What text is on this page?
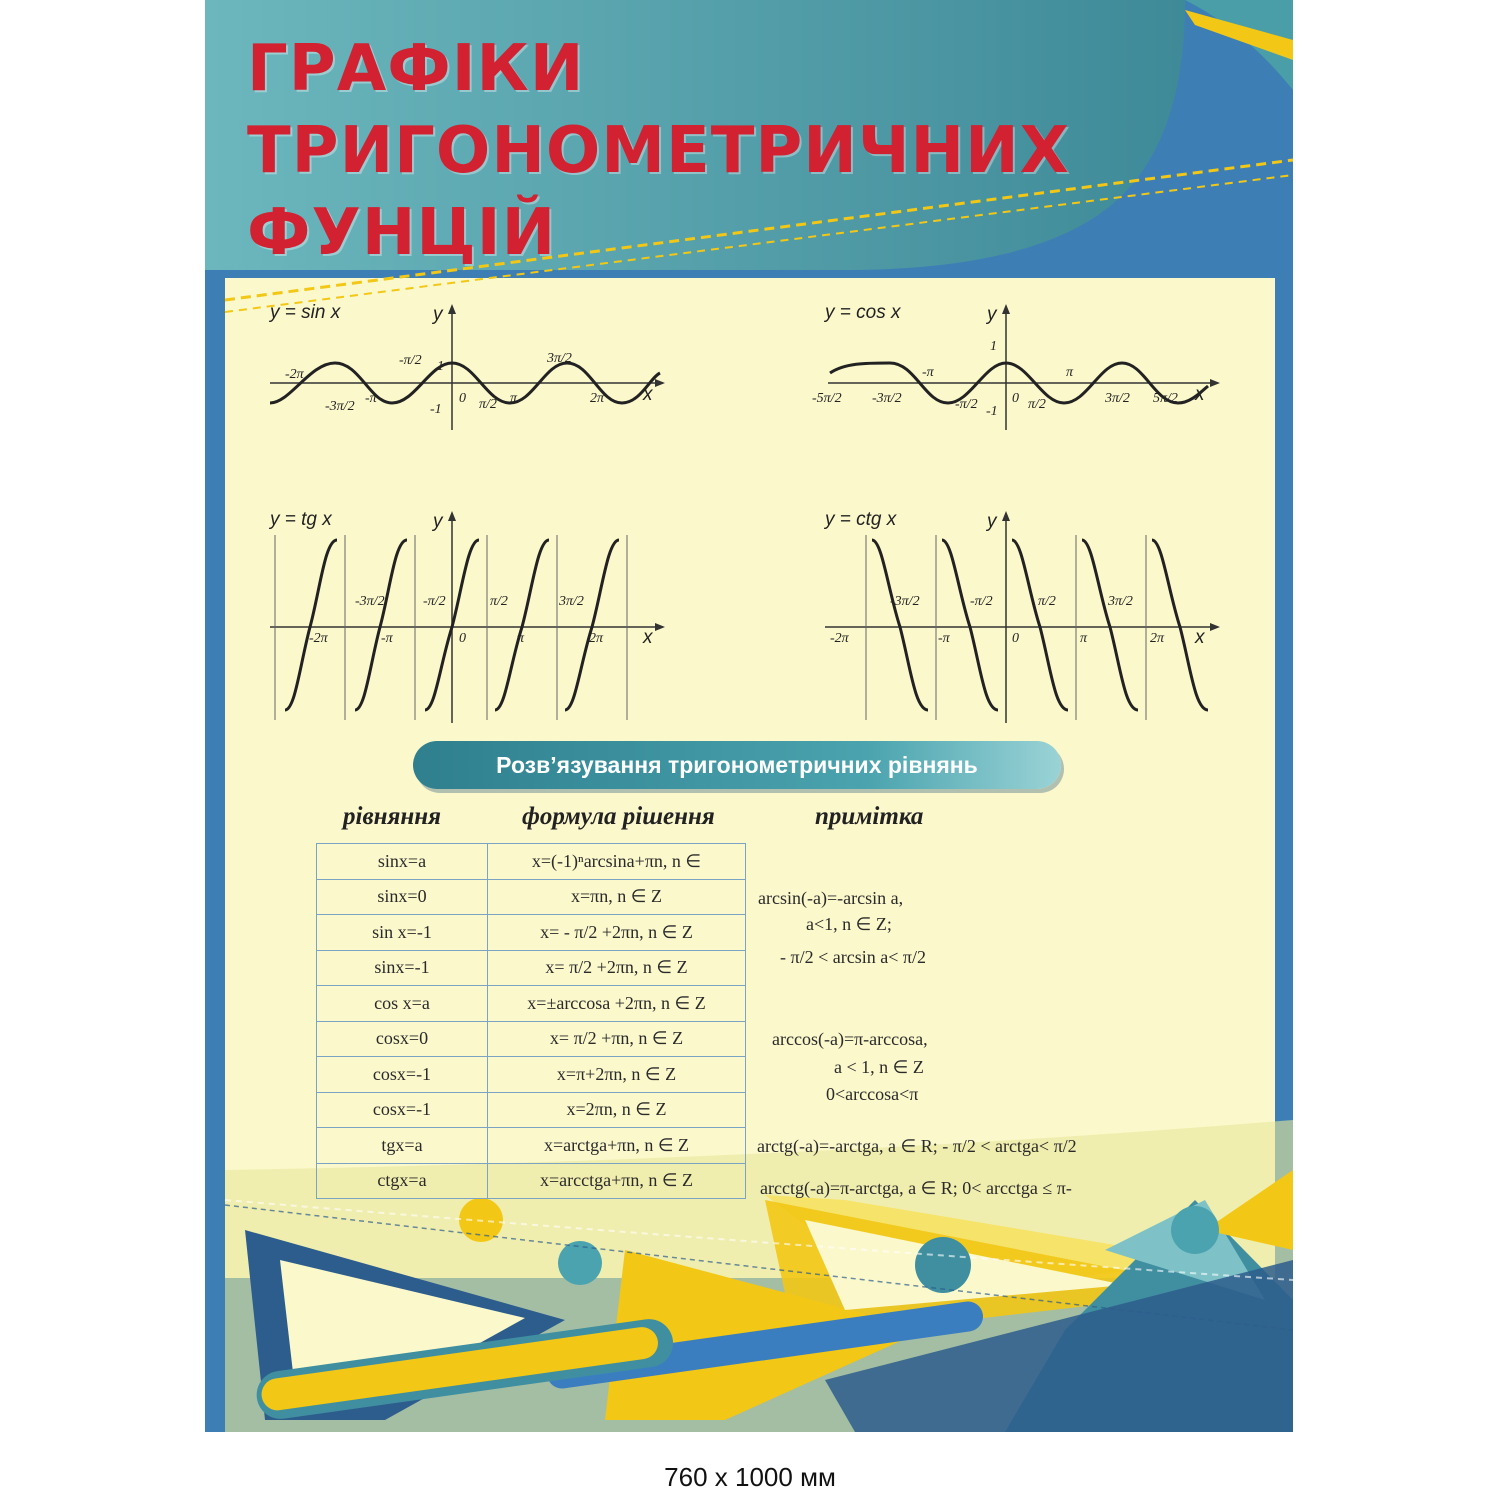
ГРАФІКИ
ТРИГОНОМЕТРИЧНИХ
ФУНЦІЙ
y = sin x	y
x
-2π
-3π/2
-π
-π/2
-1
0 π/2 π
3π/2
2π
1
y = cos x	y
x
-5π/2 -3π/2
-π
-π/2 -1
0 π/2
π
3π/2 5π/2
1
y = tg x	y
x
-2π
-3π/2
-π
-π/2
0
π/2
π
3π/2
2π
y = ctg x	y
x
-2π
-3π/2
-π
-π/2
0
π/2
π
3π/2
2π
Розв’язування тригонометричних рівнянь
рівняння	формула рішення	примітка
sinx=a	x=(-1)ⁿarcsina+πn, n ∈
sinx=0	x=πn, n ∈ Z
sin x=-1	x= - π/2 +2πn, n ∈ Z
sinx=-1	x= π/2 +2πn, n ∈ Z
cos x=a	x=±arccosa +2πn, n ∈ Z
cosx=0	x= π/2 +πn, n ∈ Z
cosx=-1	x=π+2πn, n ∈ Z
cosx=-1	x=2πn, n ∈ Z
tgx=a	x=arctga+πn, n ∈ Z
ctgx=a	x=arcctga+πn, n ∈ Z
arcsin(-a)=-arcsin a,
a<1, n ∈ Z;
- π/2 < arcsin a< π/2
arccos(-a)=π-arccosa,
a < 1, n ∈ Z
0<arccosa<π
arctg(-a)=-arctga, a ∈ R; - π/2 < arctga< π/2
arcctg(-a)=π-arctga, a ∈ R; 0< arcctga ≤ π-
760 x 1000 мм
